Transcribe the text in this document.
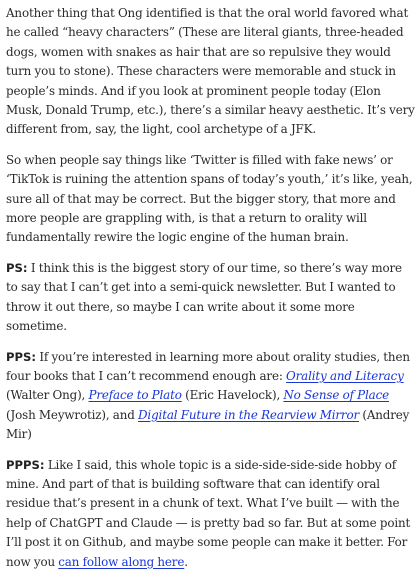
Another thing that Ong identified is that the oral world favored what he called “heavy characters” (These are literal giants, three-headed dogs, women with snakes as hair that are so repulsive they would turn you to stone). These characters were memorable and stuck in people’s minds. And if you look at prominent people today (Elon Musk, Donald Trump, etc.), there’s a similar heavy aesthetic. It’s very different from, say, the light, cool archetype of a JFK.

So when people say things like ‘Twitter is filled with fake news’ or ‘TikTok is ruining the attention spans of today’s youth,’ it’s like, yeah, sure all of that may be correct. But the bigger story, that more and more people are grappling with, is that a return to orality will fundamentally rewire the logic engine of the human brain.

PS: I think this is the biggest story of our time, so there’s way more to say that I can’t get into a semi-quick newsletter. But I wanted to throw it out there, so maybe I can write about it some more sometime.

PPS: If you’re interested in learning more about orality studies, then four books that I can’t recommend enough are: Orality and Literacy (Walter Ong), Preface to Plato (Eric Havelock), No Sense of Place (Josh Meywrotiz), and Digital Future in the Rearview Mirror (Andrey Mir)

PPPS: Like I said, this whole topic is a side-side-side-side hobby of mine. And part of that is building software that can identify oral residue that’s present in a chunk of text. What I’ve built — with the help of ChatGPT and Claude — is pretty bad so far. But at some point I’ll post it on Github, and maybe some people can make it better. For now you can follow along here.
